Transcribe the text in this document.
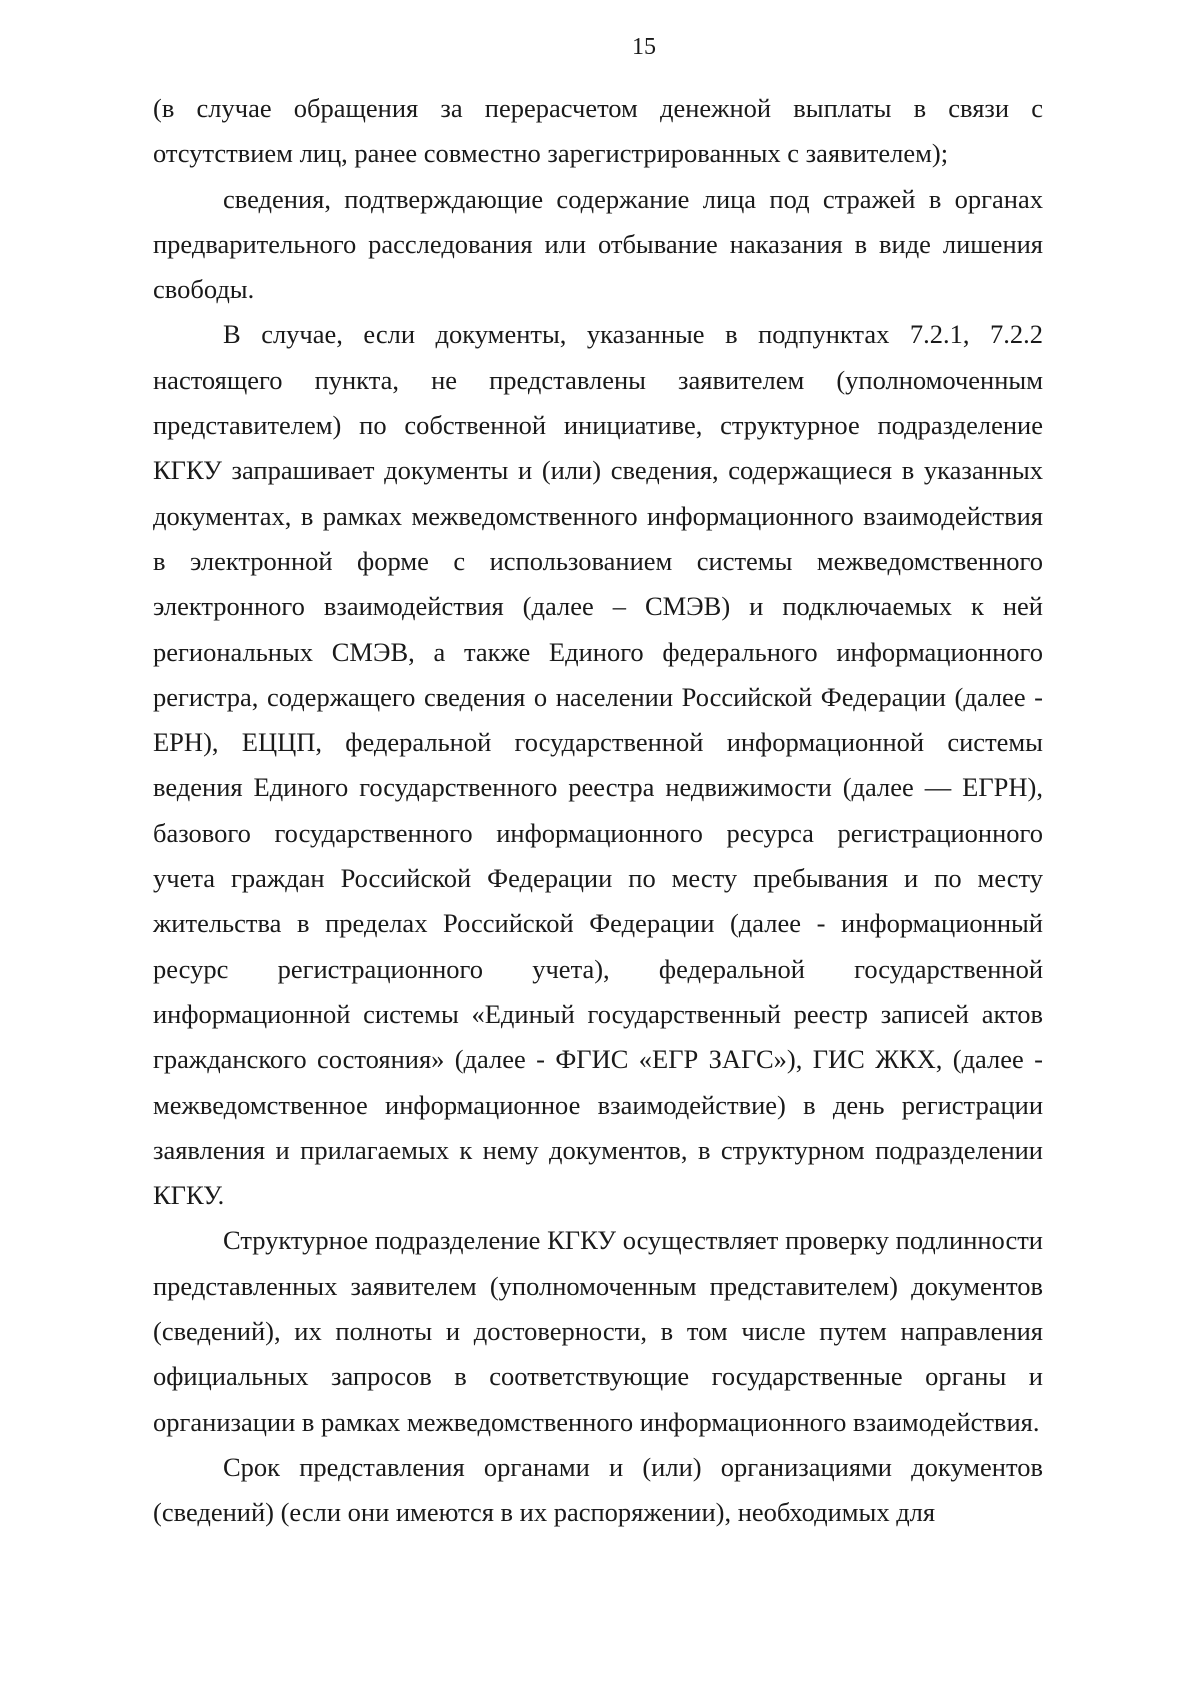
15

(в случае обращения за перерасчетом денежной выплаты в связи с отсутствием лиц, ранее совместно зарегистрированных с заявителем);

сведения, подтверждающие содержание лица под стражей в органах предварительного расследования или отбывание наказания в виде лишения свободы.

В случае, если документы, указанные в подпунктах 7.2.1, 7.2.2 настоящего пункта, не представлены заявителем (уполномоченным представителем) по собственной инициативе, структурное подразделение КГКУ запрашивает документы и (или) сведения, содержащиеся в указанных документах, в рамках межведомственного информационного взаимодействия в электронной форме с использованием системы межведомственного электронного взаимодействия (далее – СМЭВ) и подключаемых к ней региональных СМЭВ, а также Единого федерального информационного регистра, содержащего сведения о населении Российской Федерации (далее - ЕРН), ЕЦЦП, федеральной государственной информационной системы ведения Единого государственного реестра недвижимости (далее — ЕГРН), базового государственного информационного ресурса регистрационного учета граждан Российской Федерации по месту пребывания и по месту жительства в пределах Российской Федерации (далее - информационный ресурс регистрационного учета), федеральной государственной информационной системы «Единый государственный реестр записей актов гражданского состояния» (далее - ФГИС «ЕГР ЗАГС»), ГИС ЖКХ, (далее - межведомственное информационное взаимодействие) в день регистрации заявления и прилагаемых к нему документов, в структурном подразделении КГКУ.

Структурное подразделение КГКУ осуществляет проверку подлинности представленных заявителем (уполномоченным представителем) документов (сведений), их полноты и достоверности, в том числе путем направления официальных запросов в соответствующие государственные органы и организации в рамках межведомственного информационного взаимодействия.

Срок представления органами и (или) организациями документов (сведений) (если они имеются в их распоряжении), необходимых для
